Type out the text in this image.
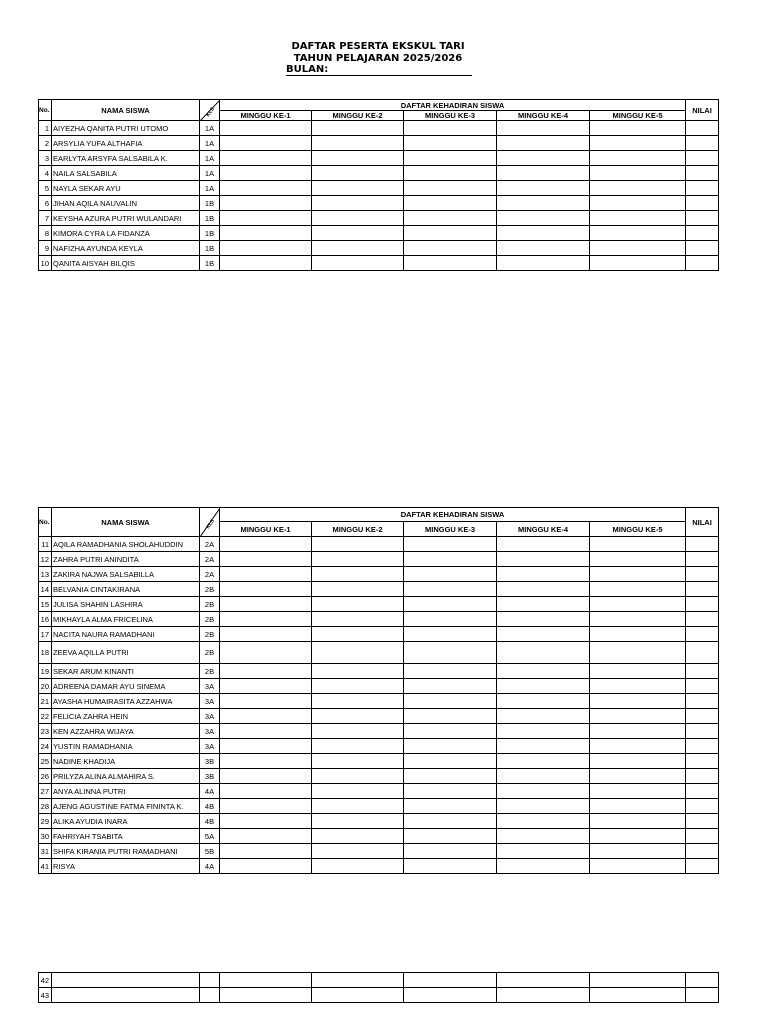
DAFTAR PESERTA EKSKUL TARI
TAHUN PELAJARAN 2025/2026
BULAN:
No.	NAMA SISWA	KLS	DAFTAR KEHADIRAN SISWA					NILAI
			MINGGU KE-1	MINGGU KE-2	MINGGU KE-3	MINGGU KE-4	MINGGU KE-5	
1	AIYEZHA QANITA PUTRI UTOMO	1A						
2	ARSYLIA YUFA ALTHAFIA	1A						
3	EARLYTA ARSYFA SALSABILA K.	1A						
4	NAILA SALSABILA	1A						
5	NAYLA SEKAR AYU	1A						
6	JIHAN AQILA NAUVALIN	1B						
7	KEYSHA AZURA PUTRI WULANDARI	1B						
8	KIMORA CYRA LA FIDANZA	1B						
9	NAFIZHA AYUNDA KEYLA	1B						
10	QANITA AISYAH BILQIS	1B						
No.	NAMA SISWA	KLS	DAFTAR KEHADIRAN SISWA					NILAI
			MINGGU KE-1	MINGGU KE-2	MINGGU KE-3	MINGGU KE-4	MINGGU KE-5	
11	AQILA RAMADHANIA SHOLAHUDDIN	2A						
12	ZAHRA PUTRI ANINDITA	2A						
13	ZAKIRA NAJWA SALSABILLA	2A						
14	BELVANIA CINTAKIRANA	2B						
15	JULISA SHAHIN LASHIRA	2B						
16	MIKHAYLA ALMA FRICELINA	2B						
17	NACITA NAURA RAMADHANI	2B						
18	ZEEVA AQILLA PUTRI	2B						
19	SEKAR ARUM KINANTI	2B						
20	ADREENA DAMAR AYU SINEMA	3A						
21	AYASHA HUMAIRASITA AZZAHWA	3A						
22	FELICIA ZAHRA HEIN	3A						
23	KEN AZZAHRA WIJAYA	3A						
24	YUSTIN RAMADHANIA	3A						
25	NADINE KHADIJA	3B						
26	PRILYZA ALINA ALMAHIRA S.	3B						
27	ANYA ALINNA PUTRI	4A						
28	AJENG AGUSTINE FATMA FININTA K.	4B						
29	ALIKA AYUDIA INARA	4B						
30	FAHRIYAH TSABITA	5A						
31	SHIFA KIRANIA PUTRI RAMADHANI	5B						
41	RISYA	4A						
42								
43								
